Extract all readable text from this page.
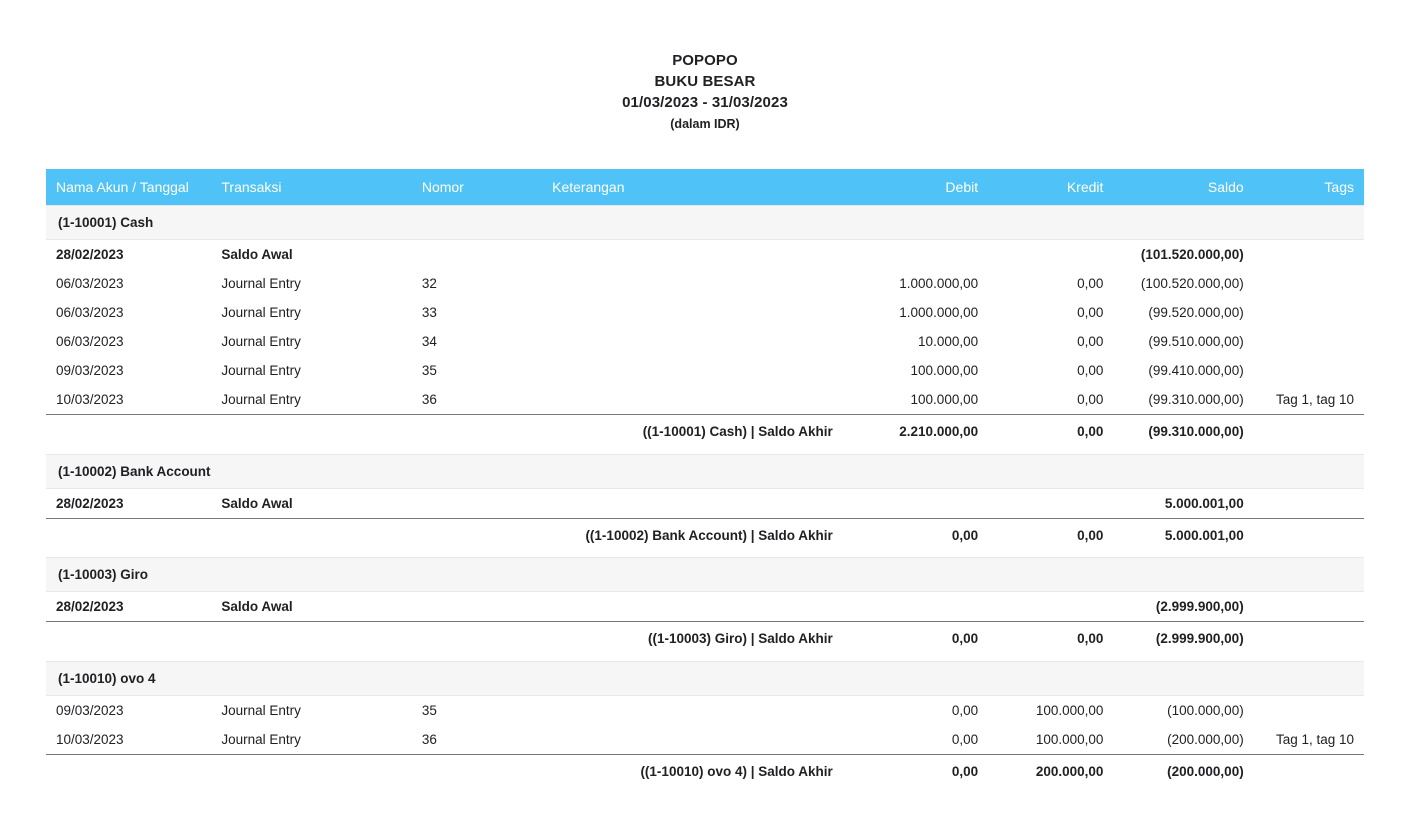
POPOPO
BUKU BESAR
01/03/2023 - 31/03/2023
(dalam IDR)
Nama Akun / Tanggal	Transaksi	Nomor	Keterangan	Debit	Kredit	Saldo	Tags
(1-10001) Cash							
28/02/2023	Saldo Awal					(101.520.000,00)	
06/03/2023	Journal Entry	32		1.000.000,00	0,00	(100.520.000,00)	
06/03/2023	Journal Entry	33		1.000.000,00	0,00	(99.520.000,00)	
06/03/2023	Journal Entry	34		10.000,00	0,00	(99.510.000,00)	
09/03/2023	Journal Entry	35		100.000,00	0,00	(99.410.000,00)	
10/03/2023	Journal Entry	36		100.000,00	0,00	(99.310.000,00)	Tag 1, tag 10
((1-10001) Cash) | Saldo Akhir				2.210.000,00	0,00	(99.310.000,00)	

(1-10002) Bank Account							
28/02/2023	Saldo Awal					5.000.001,00	
((1-10002) Bank Account) | Saldo Akhir				0,00	0,00	5.000.001,00	

(1-10003) Giro							
28/02/2023	Saldo Awal					(2.999.900,00)	
((1-10003) Giro) | Saldo Akhir				0,00	0,00	(2.999.900,00)	

(1-10010) ovo 4							
09/03/2023	Journal Entry	35		0,00	100.000,00	(100.000,00)	
10/03/2023	Journal Entry	36		0,00	100.000,00	(200.000,00)	Tag 1, tag 10
((1-10010) ovo 4) | Saldo Akhir				0,00	200.000,00	(200.000,00)	
